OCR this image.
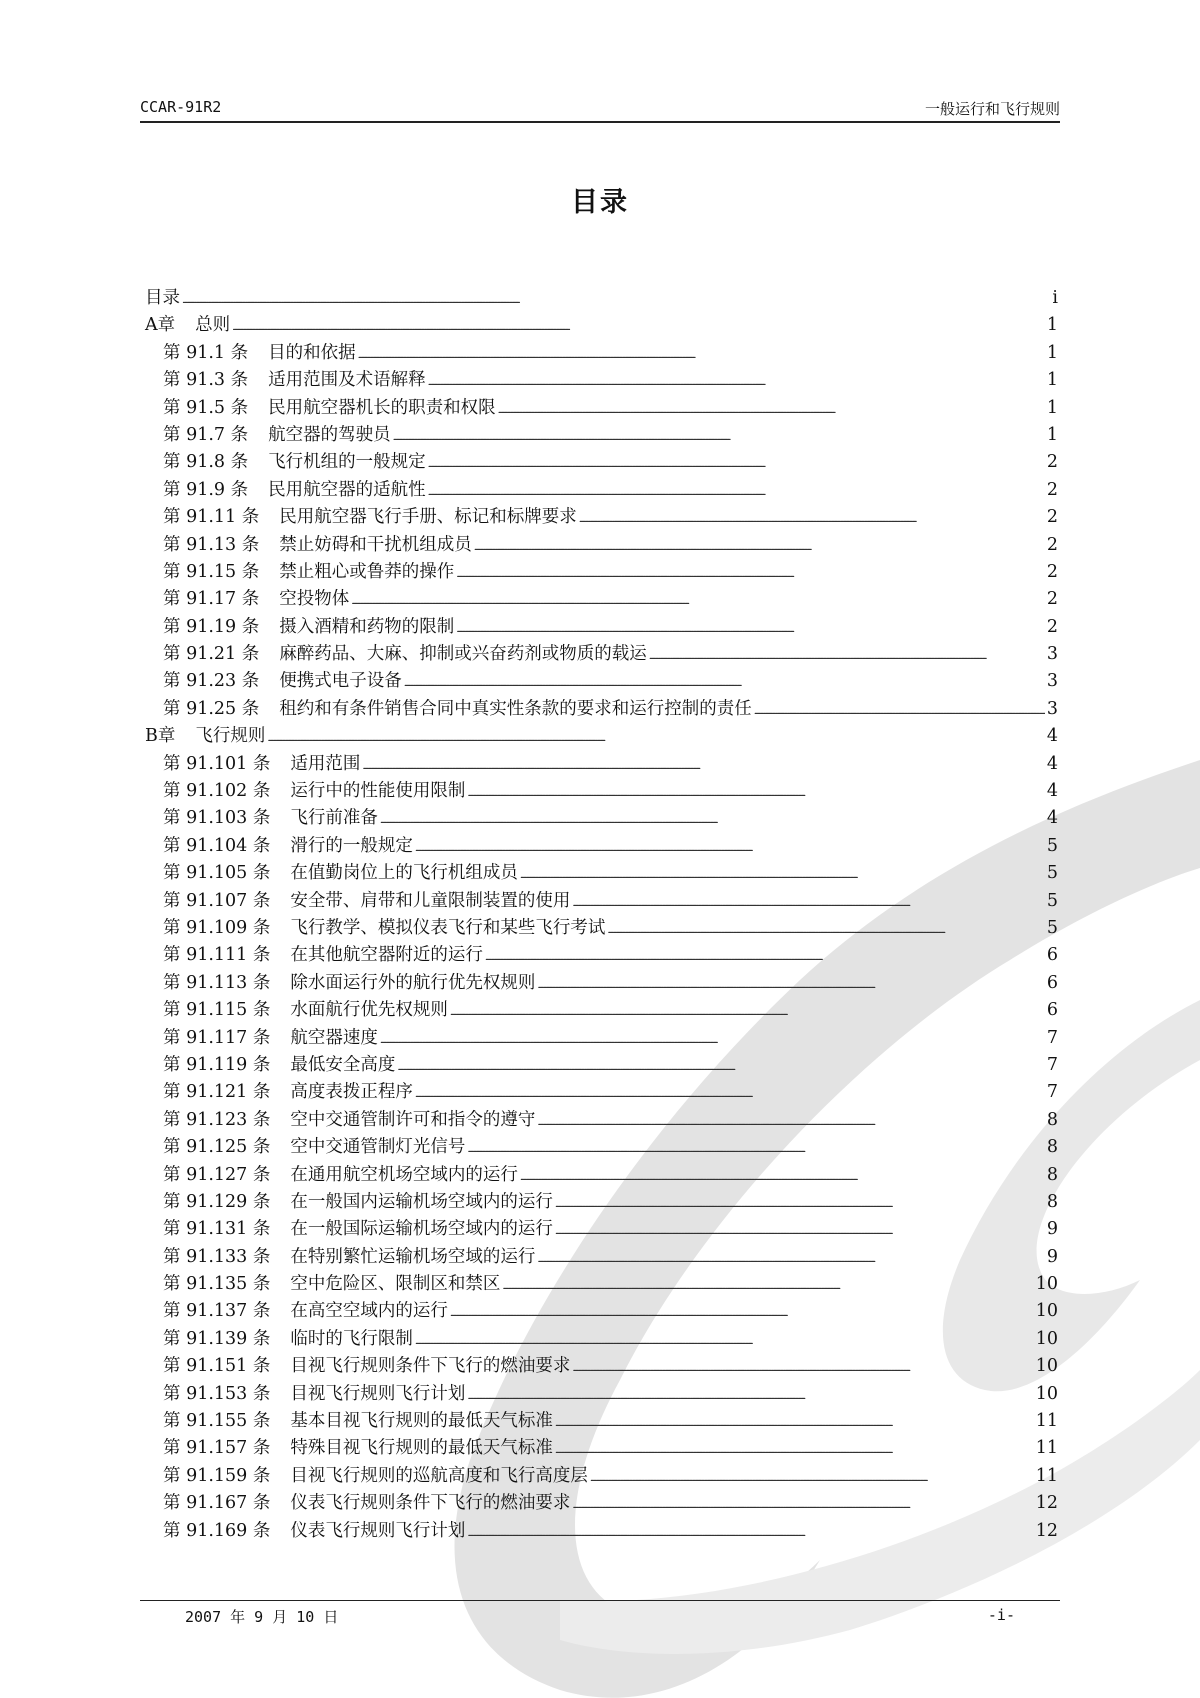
CCAR-91R2	一般运行和飞行规则
目录
目录 . . .	i
A章 总则 . . .	1
第 91.1 条 目的和依据 . . .	1
第 91.3 条 适用范围及术语解释 . . .	1
第 91.5 条 民用航空器机长的职责和权限 . . .	1
第 91.7 条 航空器的驾驶员 . . .	1
第 91.8 条 飞行机组的一般规定 . . .	2
第 91.9 条 民用航空器的适航性 . . .	2
第 91.11 条 民用航空器飞行手册、标记和标牌要求 . . .	2
第 91.13 条 禁止妨碍和干扰机组成员 . . .	2
第 91.15 条 禁止粗心或鲁莽的操作 . . .	2
第 91.17 条 空投物体 . . .	2
第 91.19 条 摄入酒精和药物的限制 . . .	2
第 91.21 条 麻醉药品、大麻、抑制或兴奋药剂或物质的载运 . . .	3
第 91.23 条 便携式电子设备 . . .	3
第 91.25 条 租约和有条件销售合同中真实性条款的要求和运行控制的责任 . . .	3
B章 飞行规则 . . .	4
第 91.101 条 适用范围 . . .	4
第 91.102 条 运行中的性能使用限制 . . .	4
第 91.103 条 飞行前准备 . . .	4
第 91.104 条 滑行的一般规定 . . .	5
第 91.105 条 在值勤岗位上的飞行机组成员 . . .	5
第 91.107 条 安全带、肩带和儿童限制装置的使用 . . .	5
第 91.109 条 飞行教学、模拟仪表飞行和某些飞行考试 . . .	5
第 91.111 条 在其他航空器附近的运行 . . .	6
第 91.113 条 除水面运行外的航行优先权规则 . . .	6
第 91.115 条 水面航行优先权规则 . . .	6
第 91.117 条 航空器速度 . . .	7
第 91.119 条 最低安全高度 . . .	7
第 91.121 条 高度表拨正程序 . . .	7
第 91.123 条 空中交通管制许可和指令的遵守 . . .	8
第 91.125 条 空中交通管制灯光信号 . . .	8
第 91.127 条 在通用航空机场空域内的运行 . . .	8
第 91.129 条 在一般国内运输机场空域内的运行 . . .	8
第 91.131 条 在一般国际运输机场空域内的运行 . . .	9
第 91.133 条 在特别繁忙运输机场空域的运行 . . .	9
第 91.135 条 空中危险区、限制区和禁区 . . .	10
第 91.137 条 在高空空域内的运行 . . .	10
第 91.139 条 临时的飞行限制 . . .	10
第 91.151 条 目视飞行规则条件下飞行的燃油要求 . . .	10
第 91.153 条 目视飞行规则飞行计划 . . .	10
第 91.155 条 基本目视飞行规则的最低天气标准 . . .	11
第 91.157 条 特殊目视飞行规则的最低天气标准 . . .	11
第 91.159 条 目视飞行规则的巡航高度和飞行高度层 . . .	11
第 91.167 条 仪表飞行规则条件下飞行的燃油要求 . . .	12
第 91.169 条 仪表飞行规则飞行计划 . . .	12
2007 年 9 月 10 日	-i-
